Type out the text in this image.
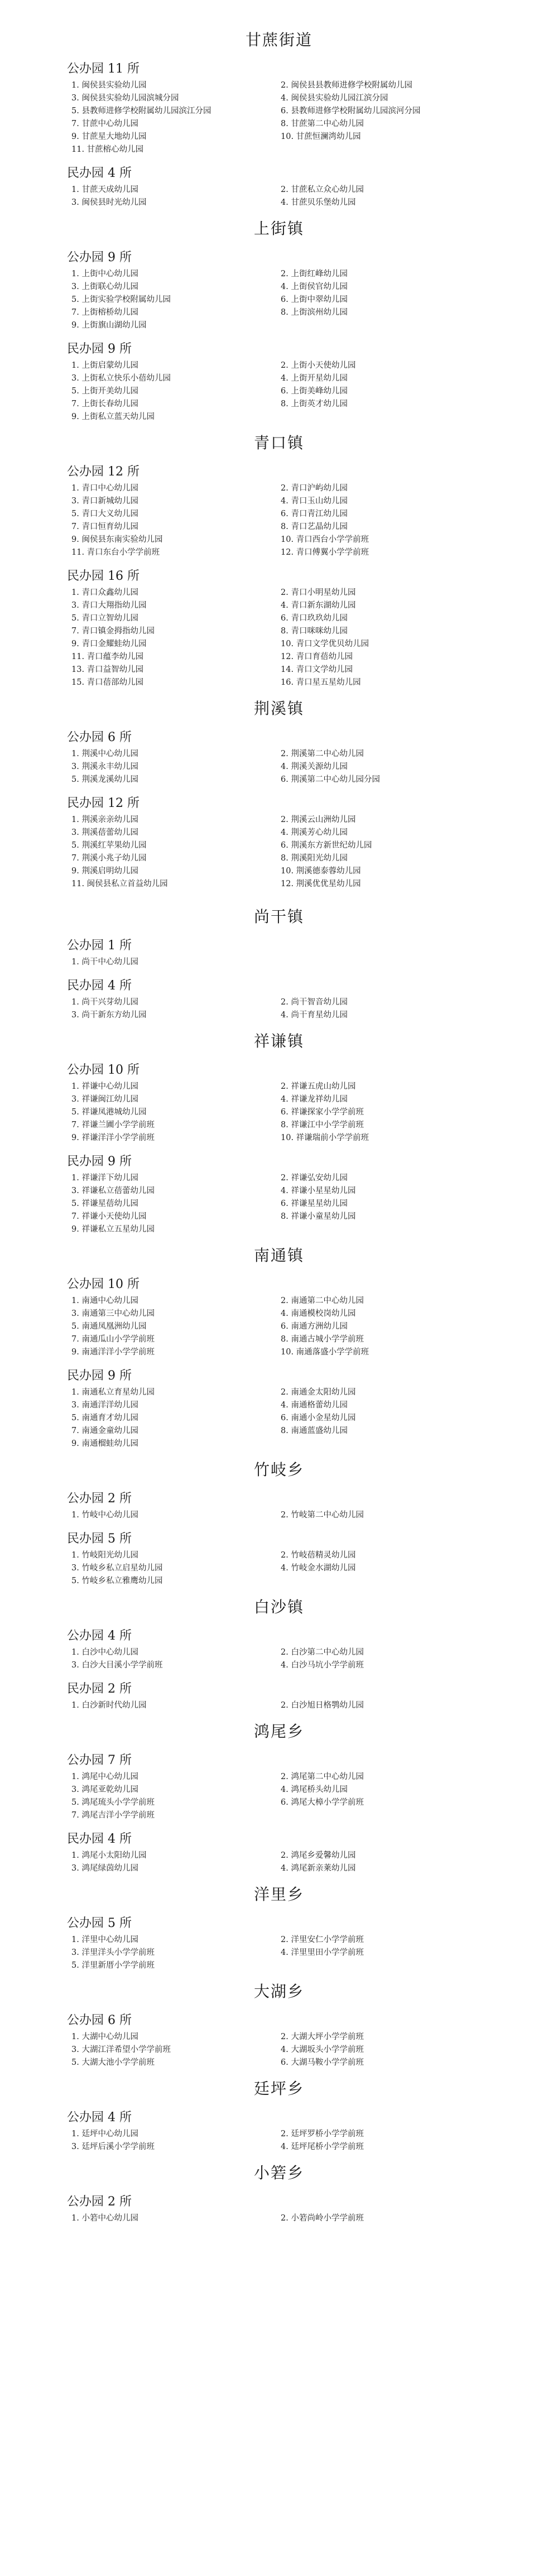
甘蔗街道
公办园 11 所
1. 闽侯县实验幼儿园	2. 闽侯县县教师进修学校附属幼儿园
3. 闽侯县实验幼儿园滨城分园	4. 闽侯县实验幼儿园江滨分园
5. 县教师进修学校附属幼儿园滨江分园	6. 县教师进修学校附属幼儿园滨河分园
7. 甘蔗中心幼儿园	8. 甘蔗第二中心幼儿园
9. 甘蔗星大地幼儿园	10. 甘蔗恒澜湾幼儿园
11. 甘蔗榕心幼儿园
民办园 4 所
1. 甘蔗天成幼儿园	2. 甘蔗私立众心幼儿园
3. 闽侯县时光幼儿园	4. 甘蔗贝乐堡幼儿园
上街镇
公办园 9 所
1. 上街中心幼儿园	2. 上街红峰幼儿园
3. 上街联心幼儿园	4. 上街侯官幼儿园
5. 上街实验学校附属幼儿园	6. 上街中翠幼儿园
7. 上街榕桥幼儿园	8. 上街滨州幼儿园
9. 上街旗山湖幼儿园
民办园 9 所
1. 上街启蒙幼儿园	2. 上街小天使幼儿园
3. 上街私立快乐小蓓幼儿园	4. 上街开星幼儿园
5. 上街开美幼儿园	6. 上街美峰幼儿园
7. 上街长春幼儿园	8. 上街英才幼儿园
9. 上街私立蓝天幼儿园
青口镇
公办园 12 所
1. 青口中心幼儿园	2. 青口沪屿幼儿园
3. 青口新城幼儿园	4. 青口玉山幼儿园
5. 青口大义幼儿园	6. 青口青江幼儿园
7. 青口恒育幼儿园	8. 青口艺晶幼儿园
9. 闽侯县东南实验幼儿园	10. 青口西台小学学前班
11. 青口东台小学学前班	12. 青口傅翼小学学前班
民办园 16 所
1. 青口众鑫幼儿园	2. 青口小明星幼儿园
3. 青口大翔指幼儿园	4. 青口新东湖幼儿园
5. 青口立智幼儿园	6. 青口玖玖幼儿园
7. 青口镇金拇指幼儿园	8. 青口咪咪幼儿园
9. 青口金耀蛙幼儿园	10. 青口文学优贝幼儿园
11. 青口蕴李幼儿园	12. 青口育蓓幼儿园
13. 青口益智幼儿园	14. 青口文学幼儿园
15. 青口蓓部幼儿园	16. 青口星五星幼儿园
荆溪镇
公办园 6 所
1. 荆溪中心幼儿园	2. 荆溪第二中心幼儿园
3. 荆溪永丰幼儿园	4. 荆溪关源幼儿园
5. 荆溪龙溪幼儿园	6. 荆溪第二中心幼儿园分园
民办园 12 所
1. 荆溪亲亲幼儿园	2. 荆溪云山洲幼儿园
3. 荆溪蓓蕾幼儿园	4. 荆溪芳心幼儿园
5. 荆溪红苹果幼儿园	6. 荆溪东方新世纪幼儿园
7. 荆溪小兆子幼儿园	8. 荆溪阳光幼儿园
9. 荆溪启明幼儿园	10. 荆溪德泰蓉幼儿园
11. 闽侯县私立首益幼儿园	12. 荆溪优优星幼儿园
尚干镇
公办园 1 所
1. 尚干中心幼儿园
民办园 4 所
1. 尚干兴芽幼儿园	2. 尚干智音幼儿园
3. 尚干新东方幼儿园	4. 尚干育星幼儿园
祥谦镇
公办园 10 所
1. 祥谦中心幼儿园	2. 祥谦五虎山幼儿园
3. 祥谦闽江幼儿园	4. 祥谦龙祥幼儿园
5. 祥谦凤港城幼儿园	6. 祥谦探家小学学前班
7. 祥谦兰圃小学学前班	8. 祥谦江中小学学前班
9. 祥谦洋洋小学学前班	10. 祥谦瑞前小学学前班
民办园 9 所
1. 祥谦洋下幼儿园	2. 祥谦弘安幼儿园
3. 祥谦私立蓓蕾幼儿园	4. 祥谦小星星幼儿园
5. 祥谦星蓓幼儿园	6. 祥谦星星幼儿园
7. 祥谦小天使幼儿园	8. 祥谦小童星幼儿园
9. 祥谦私立五星幼儿园
南通镇
公办园 10 所
1. 南通中心幼儿园	2. 南通第二中心幼儿园
3. 南通第三中心幼儿园	4. 南通模校岗幼儿园
5. 南通凤凰洲幼儿园	6. 南通方洲幼儿园
7. 南通瓜山小学学前班	8. 南通古城小学学前班
9. 南通洋洋小学学前班	10. 南通落盛小学学前班
民办园 9 所
1. 南通私立育星幼儿园	2. 南通金太阳幼儿园
3. 南通洋洋幼儿园	4. 南通格蕾幼儿园
5. 南通育才幼儿园	6. 南通小金星幼儿园
7. 南通金童幼儿园	8. 南通蓝盛幼儿园
9. 南通榴蛙幼儿园
竹岐乡
公办园 2 所
1. 竹岐中心幼儿园	2. 竹岐第二中心幼儿园
民办园 5 所
1. 竹岐阳光幼儿园	2. 竹岐蓓精灵幼儿园
3. 竹岐乡私立启星幼儿园	4. 竹岐金水湖幼儿园
5. 竹岐乡私立雅鹰幼儿园
白沙镇
公办园 4 所
1. 白沙中心幼儿园	2. 白沙第二中心幼儿园
3. 白沙大目溪小学学前班	4. 白沙马坑小学学前班
民办园 2 所
1. 白沙新时代幼儿园	2. 白沙旭日格鹗幼儿园
鸿尾乡
公办园 7 所
1. 鸿尾中心幼儿园	2. 鸿尾第二中心幼儿园
3. 鸿尾亚乾幼儿园	4. 鸿尾桥头幼儿园
5. 鸿尾琉头小学学前班	6. 鸿尾大樟小学学前班
7. 鸿尾吉洋小学学前班
民办园 4 所
1. 鸿尾小太阳幼儿园	2. 鸿尾乡爱馨幼儿园
3. 鸿尾绿茵幼儿园	4. 鸿尾新亲莱幼儿园
洋里乡
公办园 5 所
1. 洋里中心幼儿园	2. 洋里安仁小学学前班
3. 洋里洋头小学学前班	4. 洋里里田小学学前班
5. 洋里新厝小学学前班
大湖乡
公办园 6 所
1. 大湖中心幼儿园	2. 大湖大坪小学学前班
3. 大湖江洋希望小学学前班	4. 大湖坂头小学学前班
5. 大湖大池小学学前班	6. 大湖马鞍小学学前班
廷坪乡
公办园 4 所
1. 廷坪中心幼儿园	2. 廷坪罗桥小学学前班
3. 廷坪后溪小学学前班	4. 廷坪尾桥小学学前班
小箬乡
公办园 2 所
1. 小箬中心幼儿园	2. 小箬尚岭小学学前班
